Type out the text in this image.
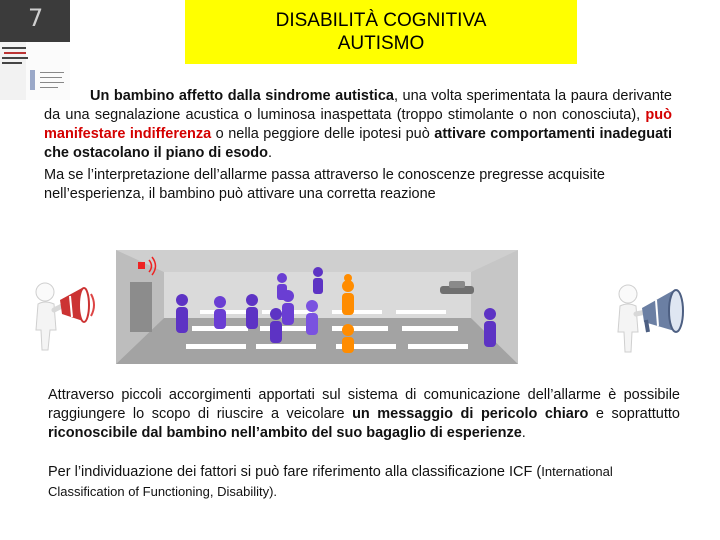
7	DISABILITÀ COGNITIVA
AUTISMO

Un bambino affetto dalla sindrome autistica, una volta sperimentata la paura derivante da una segnalazione acustica o luminosa inaspettata (troppo stimolante o non conosciuta), può manifestare indifferenza o nella peggiore delle ipotesi può attivare comportamenti inadeguati che ostacolano il piano di esodo.

Ma se l’interpretazione dell’allarme passa attraverso le conoscenze pregresse acquisite nell’esperienza, il bambino può attivare una corretta reazione

Attraverso piccoli accorgimenti apportati sul sistema di comunicazione dell’allarme è possibile raggiungere lo scopo di riuscire a veicolare un messaggio di pericolo chiaro e soprattutto riconoscibile dal bambino nell’ambito del suo bagaglio di esperienze.

Per l’individuazione dei fattori si può fare riferimento alla classificazione ICF (International Classification of Functioning, Disability).
